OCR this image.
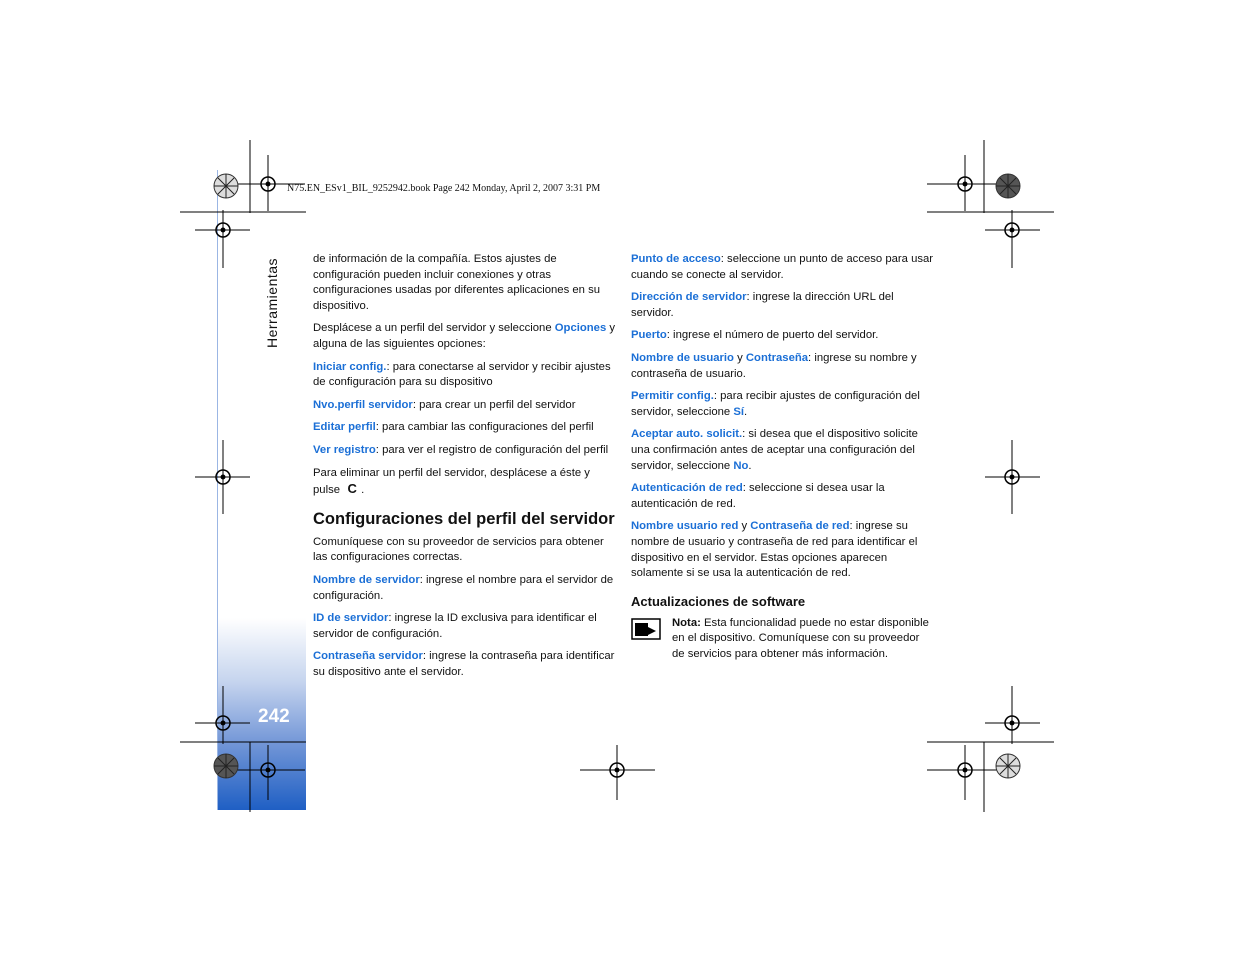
Herramientas
242
N75.EN_ESv1_BIL_9252942.book Page 242 Monday, April 2, 2007 3:31 PM

de información de la compañía. Estos ajustes de configuración pueden incluir conexiones y otras configuraciones usadas por diferentes aplicaciones en su dispositivo.

Desplácese a un perfil del servidor y seleccione Opciones y alguna de las siguientes opciones:

Iniciar config.: para conectarse al servidor y recibir ajustes de configuración para su dispositivo

Nvo.perfil servidor: para crear un perfil del servidor

Editar perfil: para cambiar las configuraciones del perfil

Ver registro: para ver el registro de configuración del perfil

Para eliminar un perfil del servidor, desplácese a éste y pulse C .

Configuraciones del perfil del servidor

Comuníquese con su proveedor de servicios para obtener las configuraciones correctas.

Nombre de servidor: ingrese el nombre para el servidor de configuración.

ID de servidor: ingrese la ID exclusiva para identificar el servidor de configuración.

Contraseña servidor: ingrese la contraseña para identificar su dispositivo ante el servidor.

Punto de acceso: seleccione un punto de acceso para usar cuando se conecte al servidor.

Dirección de servidor: ingrese la dirección URL del servidor.

Puerto: ingrese el número de puerto del servidor.

Nombre de usuario y Contraseña: ingrese su nombre y contraseña de usuario.

Permitir config.: para recibir ajustes de configuración del servidor, seleccione Sí.

Aceptar auto. solicit.: si desea que el dispositivo solicite una confirmación antes de aceptar una configuración del servidor, seleccione No.

Autenticación de red: seleccione si desea usar la autenticación de red.

Nombre usuario red y Contraseña de red: ingrese su nombre de usuario y contraseña de red para identificar el dispositivo en el servidor. Estas opciones aparecen solamente si se usa la autenticación de red.

Actualizaciones de software

Nota: Esta funcionalidad puede no estar disponible en el dispositivo. Comuníquese con su proveedor de servicios para obtener más información.
